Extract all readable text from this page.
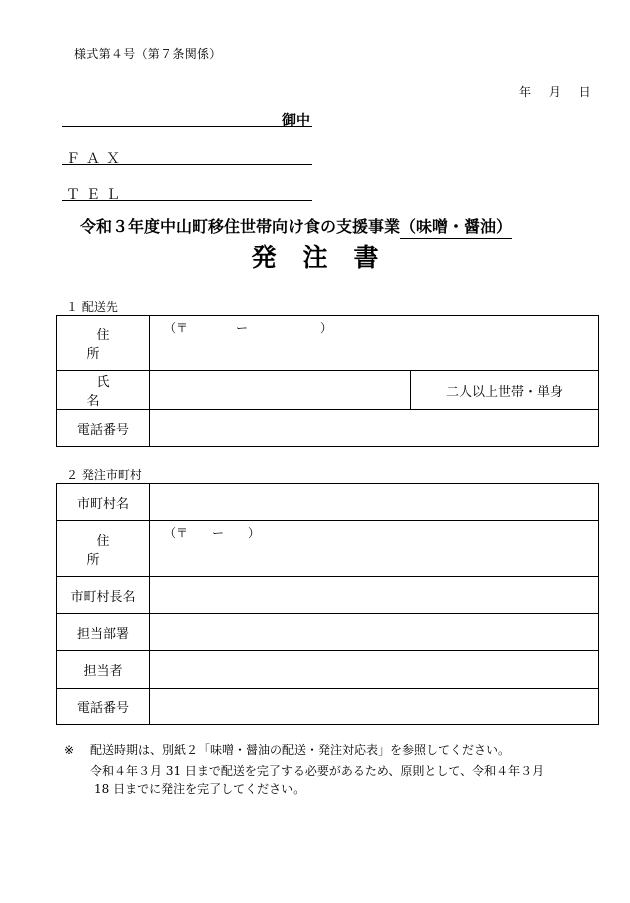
様式第４号（第７条関係）
年 月 日
御中
ＦＡＸ
ＴＥＬ
令和３年度中山町移住世帯向け食の支援事業（味噌・醤油）
発注書
１ 配送先
住 所	（〒　　　　ー　　　　　　）	

氏 名		二人以上世帯・単身
電話番号		
２ 発注市町村
市町村名	
住 所	（〒　　ー　　）

市町村長名	
担当部署	
担当者	
電話番号	
※ 配送時期は、別紙２「味噌・醤油の配送・発注対応表」を参照してください。
令和４年３月 31 日まで配送を完了する必要があるため、原則として、令和４年３月
18 日までに発注を完了してください。
